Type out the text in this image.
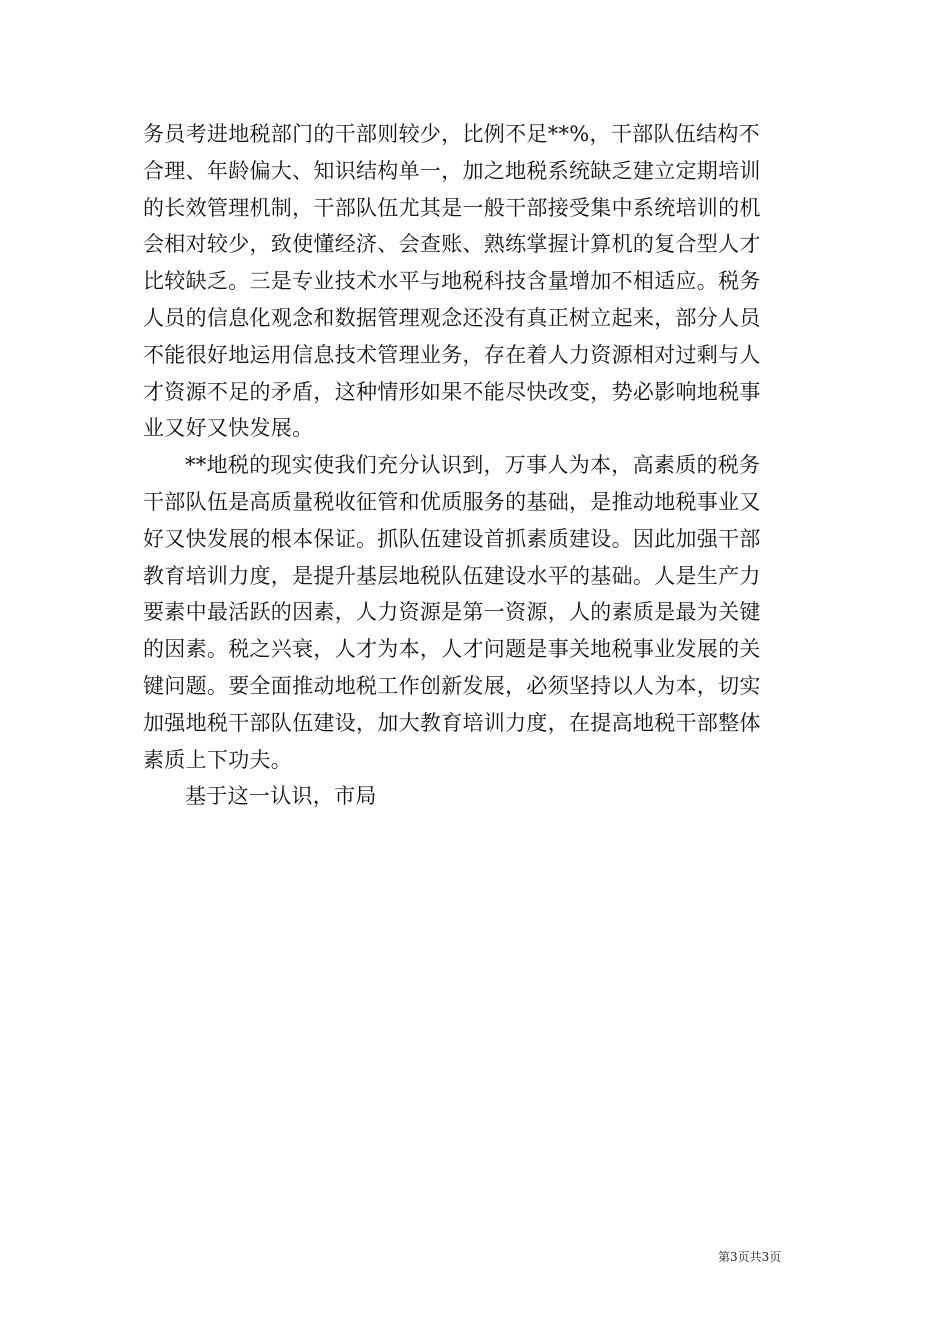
务员考进地税部门的干部则较少，比例不足**%，干部队伍结构不
合理、年龄偏大、知识结构单一，加之地税系统缺乏建立定期培训
的长效管理机制，干部队伍尤其是一般干部接受集中系统培训的机
会相对较少，致使懂经济、会查账、熟练掌握计算机的复合型人才
比较缺乏。三是专业技术水平与地税科技含量增加不相适应。税务
人员的信息化观念和数据管理观念还没有真正树立起来，部分人员
不能很好地运用信息技术管理业务，存在着人力资源相对过剩与人
才资源不足的矛盾，这种情形如果不能尽快改变，势必影响地税事
业又好又快发展。
**地税的现实使我们充分认识到，万事人为本，高素质的税务
干部队伍是高质量税收征管和优质服务的基础，是推动地税事业又
好又快发展的根本保证。抓队伍建设首抓素质建设。因此加强干部
教育培训力度，是提升基层地税队伍建设水平的基础。人是生产力
要素中最活跃的因素，人力资源是第一资源，人的素质是最为关键
的因素。税之兴衰，人才为本，人才问题是事关地税事业发展的关
键问题。要全面推动地税工作创新发展，必须坚持以人为本，切实
加强地税干部队伍建设，加大教育培训力度，在提高地税干部整体
素质上下功夫。
基于这一认识，市局
第3页共3页
